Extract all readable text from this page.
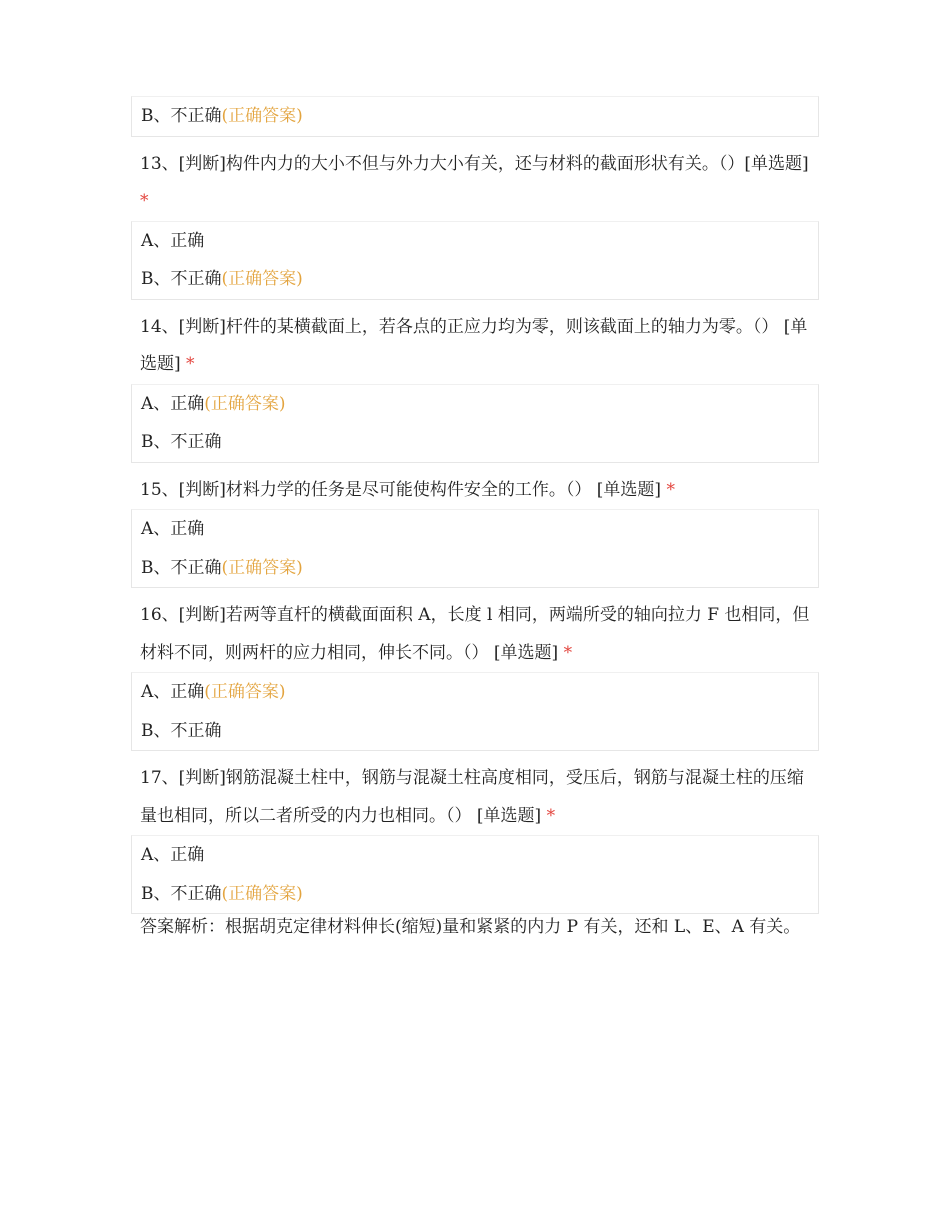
B、不正确(正确答案)
13、[判断]构件内力的大小不但与外力大小有关，还与材料的截面形状有关。（）[单选题] *
A、正确
B、不正确(正确答案)
14、[判断]杆件的某横截面上，若各点的正应力均为零，则该截面上的轴力为零。（） [单选题] *
A、正确(正确答案)
B、不正确
15、[判断]材料力学的任务是尽可能使构件安全的工作。（） [单选题] *
A、正确
B、不正确(正确答案)
16、[判断]若两等直杆的横截面面积 A，长度 l 相同，两端所受的轴向拉力 F 也相同，但材料不同，则两杆的应力相同，伸长不同。（） [单选题] *
A、正确(正确答案)
B、不正确
17、[判断]钢筋混凝土柱中，钢筋与混凝土柱高度相同，受压后，钢筋与混凝土柱的压缩量也相同，所以二者所受的内力也相同。（） [单选题] *
A、正确
B、不正确(正确答案)
答案解析：根据胡克定律材料伸长(缩短)量和紧紧的内力 P 有关，还和 L、E、A 有关。
